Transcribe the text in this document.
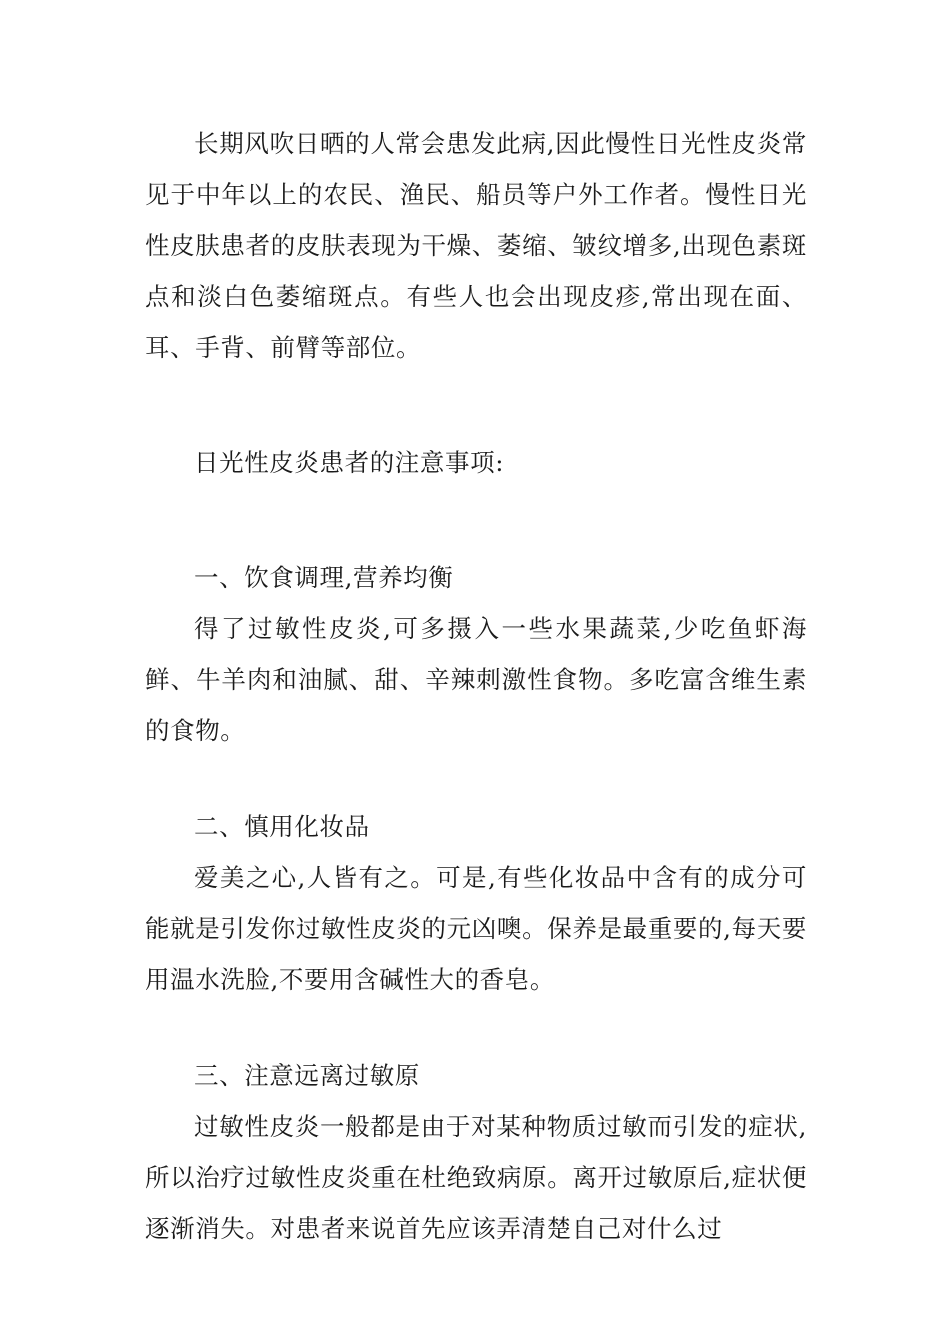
长期风吹日晒的人常会患发此病,因此慢性日光性皮炎常见于中年以上的农民、渔民、船员等户外工作者。慢性日光性皮肤患者的皮肤表现为干燥、萎缩、皱纹增多,出现色素斑点和淡白色萎缩斑点。有些人也会出现皮疹,常出现在面、耳、手背、前臂等部位。

日光性皮炎患者的注意事项:

一、饮食调理,营养均衡

得了过敏性皮炎,可多摄入一些水果蔬菜,少吃鱼虾海鲜、牛羊肉和油腻、甜、辛辣刺激性食物。多吃富含维生素的食物。

二、慎用化妆品

爱美之心,人皆有之。可是,有些化妆品中含有的成分可能就是引发你过敏性皮炎的元凶噢。保养是最重要的,每天要用温水洗脸,不要用含碱性大的香皂。

三、注意远离过敏原

过敏性皮炎一般都是由于对某种物质过敏而引发的症状,所以治疗过敏性皮炎重在杜绝致病原。离开过敏原后,症状便逐渐消失。对患者来说首先应该弄清楚自己对什么过
